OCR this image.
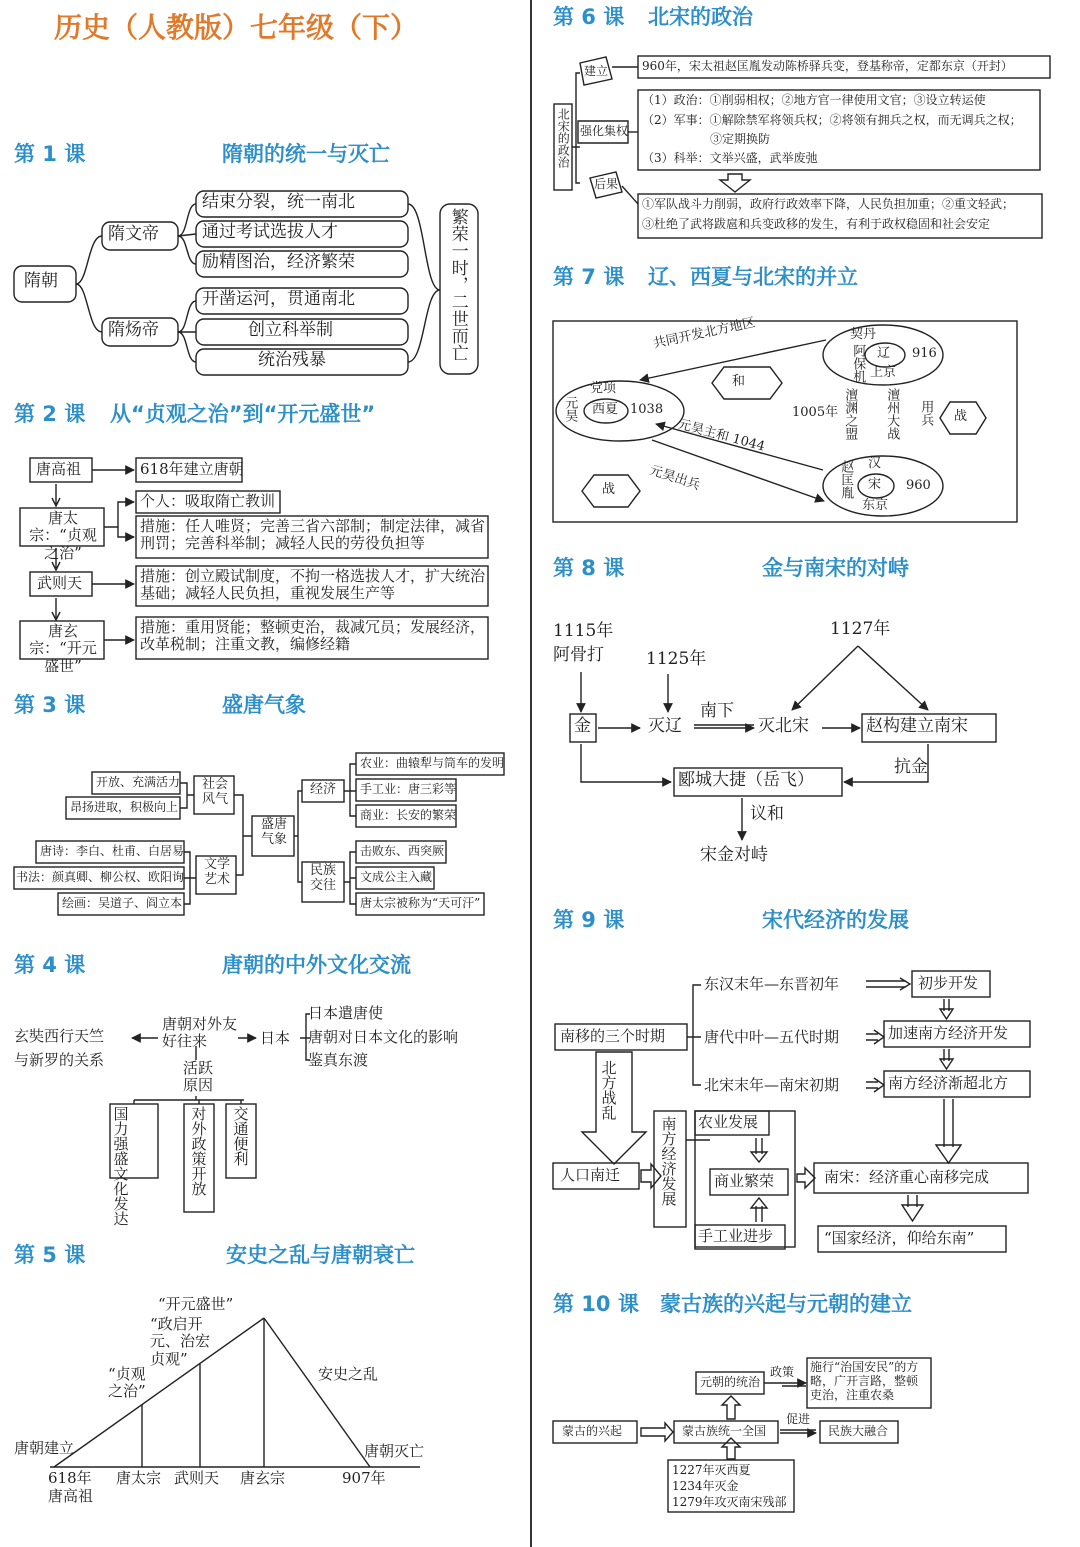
历史（人教版）七年级（下）
第 1 课	隋朝的统一与灭亡
隋朝
隋文帝
隋炀帝
结束分裂，统一南北
通过考试选拔人才
励精图治，经济繁荣
开凿运河，贯通南北
创立科举制
统治残暴	繁荣一时，二世而亡
第 2 课 从“贞观之治”到“开元盛世”
唐高祖	618年建立唐朝
唐太宗：“贞观之治”
个人：吸取隋亡教训
措施：任人唯贤；完善三省六部制；制定法律，减省刑罚；完善科举制；减轻人民的劳役负担等
武则天	措施：创立殿试制度，不拘一格选拔人才，扩大统治基础；减轻人民负担，重视发展生产等
唐玄宗：“开元盛世”
措施：重用贤能；整顿吏治，裁减冗员；发展经济，改革税制；注重文教，编修经籍
第 3 课	盛唐气象
盛唐气象
社会风气
文学艺术
经济
民族交往
开放、充满活力
昂扬进取，积极向上
唐诗：李白、杜甫、白居易
书法：颜真卿、柳公权、欧阳询
绘画：吴道子、阎立本
农业：曲辕犁与筒车的发明
手工业：唐三彩等
商业：长安的繁荣
击败东、西突厥
文成公主入藏
唐太宗被称为“天可汗”
第 4 课	唐朝的中外文化交流
唐朝对外友好往来
玄奘西行天竺
与新罗的关系
日本
日本遣唐使
唐朝对日本文化的影响
鉴真东渡
活跃原因
国力强盛文化发达	对外政策开放 交通便利
第 5 课	安史之乱与唐朝衰亡
“开元盛世”
“政启开元、治宏贞观”
“贞观之治”
安史之乱
唐朝建立	唐朝灭亡
618年
唐高祖
唐太宗 武则天 唐玄宗	907年
第 6 课 北宋的政治
北宋的政治
建立
强化集权
后果
960年，宋太祖赵匡胤发动陈桥驿兵变，登基称帝，定都东京（开封）
（1）政治：①削弱相权；②地方官一律使用文官；③设立转运使
（2）军事：①解除禁军将领兵权；②将领有拥兵之权，而无调兵之权；
③定期换防
（3）科举：文举兴盛，武举废弛
①军队战斗力削弱，政府行政效率下降，人民负担加重；②重文轻武；
③杜绝了武将跋扈和兵变政移的发生，有利于政权稳固和社会安定
第 7 课 辽、西夏与北宋的并立
契丹
阿保机 辽
上京
916
党项
元昊 西夏 1038
汉
赵匡胤 宋
东京
960
共同开发北方地区
和
战
战
1005年 澶渊之盟 澶州大战 用兵
元昊主和 1044
元昊出兵
第 8 课	金与南宋的对峙
1115年
阿骨打 1125年
1127年
金	灭辽
南下
灭北宋	赵构建立南宋
郾城大捷（岳飞）
抗金
议和
宋金对峙
第 9 课	宋代经济的发展
南移的三个时期
东汉末年—东晋初年
唐代中叶—五代时期
北宋末年—南宋初期
初步开发
加速南方经济开发
南方经济渐超北方
北方战乱
人口南迁	南方经济发展 农业发展
商业繁荣
手工业进步
南宋：经济重心南移完成
“国家经济，仰给东南”
第 10 课 蒙古族的兴起与元朝的建立
蒙古的兴起	蒙古族统一全国
元朝的统治
政策 施行“治国安民”的方略，广开言路，整顿吏治，注重农桑
促进
民族大融合
1227年灭西夏
1234年灭金
1279年攻灭南宋残部
